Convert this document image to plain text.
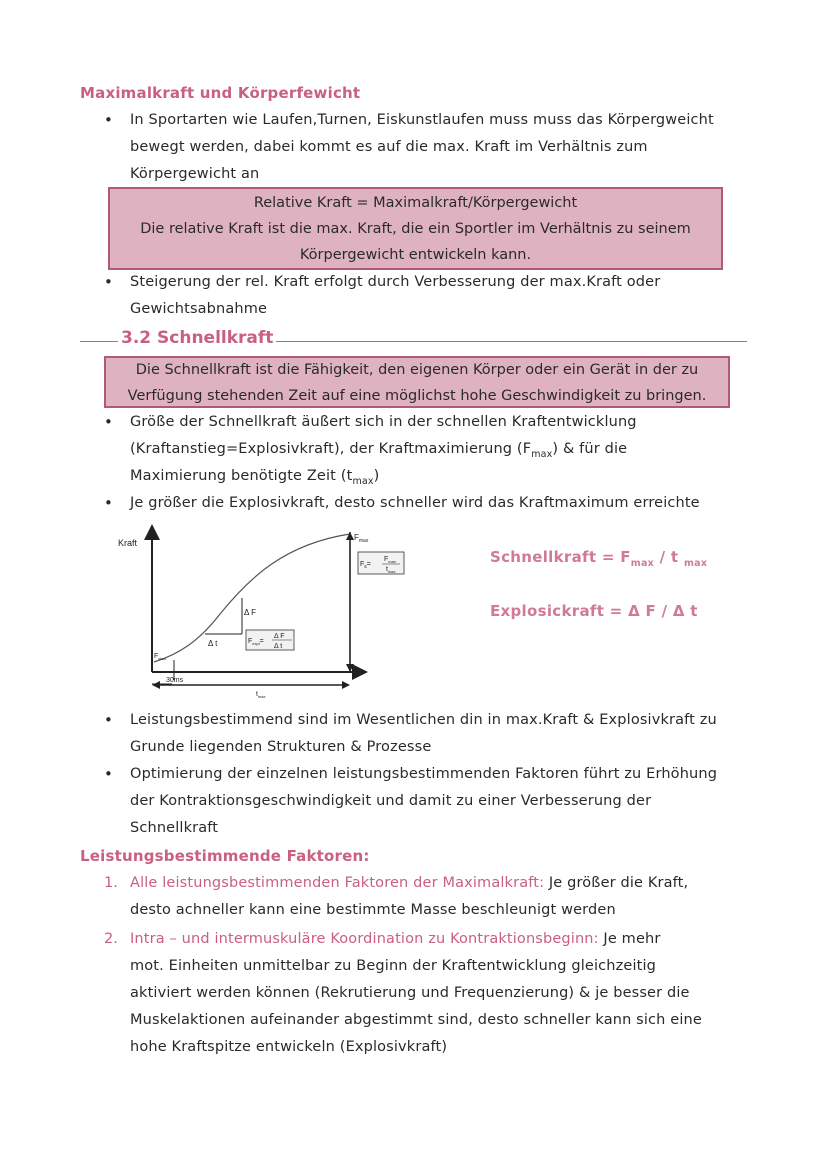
Maximalkraft und Körperfewicht
• In Sportarten wie Laufen,Turnen, Eiskunstlaufen muss muss das Körpergweicht
bewegt werden, dabei kommt es auf die max. Kraft im Verhältnis zum
Körpergewicht an
Relative Kraft = Maximalkraft/Körpergewicht
Die relative Kraft ist die max. Kraft, die ein Sportler im Verhältnis zu seinem
Körpergewicht entwickeln kann.
• Steigerung der rel. Kraft erfolgt durch Verbesserung der max.Kraft oder
Gewichtsabnahme
3.2 Schnellkraft
Die Schnellkraft ist die Fähigkeit, den eigenen Körper oder ein Gerät in der zu
Verfügung stehenden Zeit auf eine möglichst hohe Geschwindigkeit zu bringen.
• Größe der Schnellkraft äußert sich in der schnellen Kraftentwicklung
(Kraftanstieg=Explosivkraft), der Kraftmaximierung $(F_{max})$ & für die
Maximierung benötigte Zeit $(t_{max})$
• Je größer die Explosivkraft, desto schneller wird das Kraftmaximum erreichte
Kraft
$F_{max}$
$F_s=$
$F_{max}$
$t_{max}$
Δ F
Δ t	$F_{expl}=$
Δ F
Δ t
$F_{start}$
30ms
$t_{max}$
Schnellkraft = $F_{max}$ / t $_{max}$
Explosickraft = Δ F / Δ t
• Leistungsbestimmend sind im Wesentlichen din in max.Kraft & Explosivkraft zu
Grunde liegenden Strukturen & Prozesse
• Optimierung der einzelnen leistungsbestimmenden Faktoren führt zu Erhöhung
der Kontraktionsgeschwindigkeit und damit zu einer Verbesserung der
Schnellkraft
Leistungsbestimmende Faktoren:
1. Alle leistungsbestimmenden Faktoren der Maximalkraft: Je größer die Kraft,
desto achneller kann eine bestimmte Masse beschleunigt werden
2. Intra – und intermuskuläre Koordination zu Kontraktionsbeginn: Je mehr
mot. Einheiten unmittelbar zu Beginn der Kraftentwicklung gleichzeitig
aktiviert werden können (Rekrutierung und Frequenzierung) & je besser die
Muskelaktionen aufeinander abgestimmt sind, desto schneller kann sich eine
hohe Kraftspitze entwickeln (Explosivkraft)
